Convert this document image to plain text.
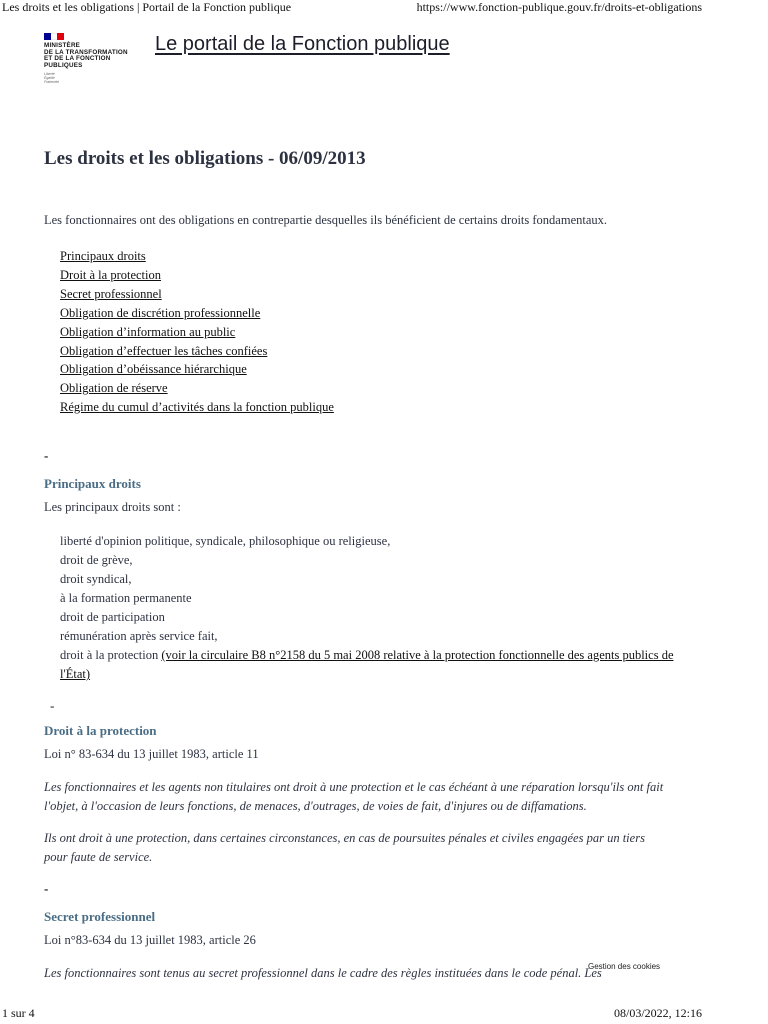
Les droits et les obligations | Portail de la Fonction publique	https://www.fonction-publique.gouv.fr/droits-et-obligations
MINISTÈRE
DE LA TRANSFORMATION
ET DE LA FONCTION
PUBLIQUES
Liberté
Égalité
Fraternité
Le portail de la Fonction publique
Les droits et les obligations - 06/09/2013

Les fonctionnaires ont des obligations en contrepartie desquelles ils bénéficient de certains droits fondamentaux.

Principaux droits
Droit à la protection
Secret professionnel
Obligation de discrétion professionnelle
Obligation d’information au public
Obligation d’effectuer les tâches confiées
Obligation d’obéissance hiérarchique
Obligation de réserve
Régime du cumul d’activités dans la fonction publique
-
Principaux droits

Les principaux droits sont :

liberté d'opinion politique, syndicale, philosophique ou religieuse,
droit de grève,
droit syndical,
à la formation permanente
droit de participation
rémunération après service fait,
droit à la protection (voir la circulaire B8 n°2158 du 5 mai 2008 relative à la protection fonctionnelle des agents publics de l'État)
-
Droit à la protection

Loi n° 83-634 du 13 juillet 1983, article 11

Les fonctionnaires et les agents non titulaires ont droit à une protection et le cas échéant à une réparation lorsqu'ils ont fait l'objet, à l'occasion de leurs fonctions, de menaces, d'outrages, de voies de fait, d'injures ou de diffamations.

Ils ont droit à une protection, dans certaines circonstances, en cas de poursuites pénales et civiles engagées par un tiers pour faute de service.

-
Secret professionnel

Loi n°83-634 du 13 juillet 1983, article 26

Les fonctionnaires sont tenus au secret professionnel dans le cadre des règles instituées dans le code pénal. Les

Gestion des cookies
1 sur 4	08/03/2022, 12:16
